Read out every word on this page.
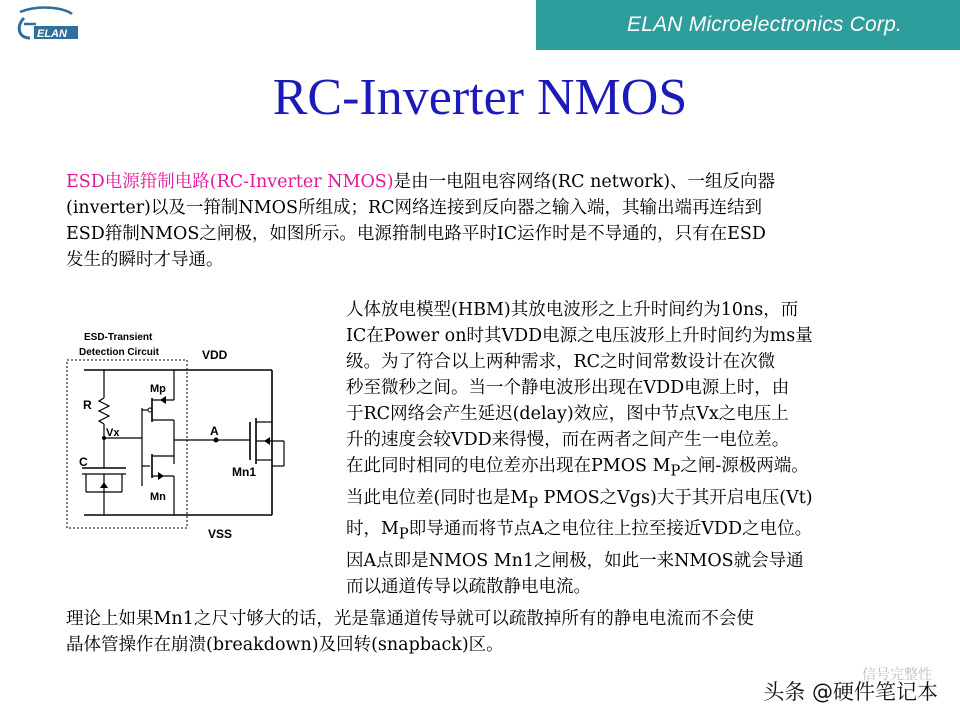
ELAN	ELAN Microelectronics Corp.
RC-Inverter NMOS

ESD电源箝制电路(RC-Inverter NMOS)是由一电阻电容网络(RC network)、一组反向器
(inverter)以及一箝制NMOS所组成；RC网络连接到反向器之输入端，其输出端再连结到
ESD箝制NMOS之闸极，如图所示。电源箝制电路平时IC运作时是不导通的，只有在ESD
发生的瞬时才导通。

ESD-Transient
Detection Circuit	VDD
VSS
R
Vx
C
Mp
Mn
A
Mn1

人体放电模型(HBM)其放电波形之上升时间约为10ns，而
IC在Power on时其VDD电源之电压波形上升时间约为ms量
级。为了符合以上两种需求，RC之时间常数设计在次微
秒至微秒之间。当一个静电波形出现在VDD电源上时，由
于RC网络会产生延迟(delay)效应，图中节点Vx之电压上
升的速度会较VDD来得慢，而在两者之间产生一电位差。
在此同时相同的电位差亦出现在PMOS $M_P$之闸-源极两端。
当此电位差(同时也是$M_P$ PMOS之Vgs)大于其开启电压(Vt)
时，$M_P$即导通而将节点A之电位往上拉至接近VDD之电位。
因A点即是NMOS Mn1之闸极，如此一来NMOS就会导通
而以通道传导以疏散静电电流。

理论上如果Mn1之尺寸够大的话，光是靠通道传导就可以疏散掉所有的静电电流而不会使
晶体管操作在崩溃(breakdown)及回转(snapback)区。

信号完整性
头条 @硬件笔记本
